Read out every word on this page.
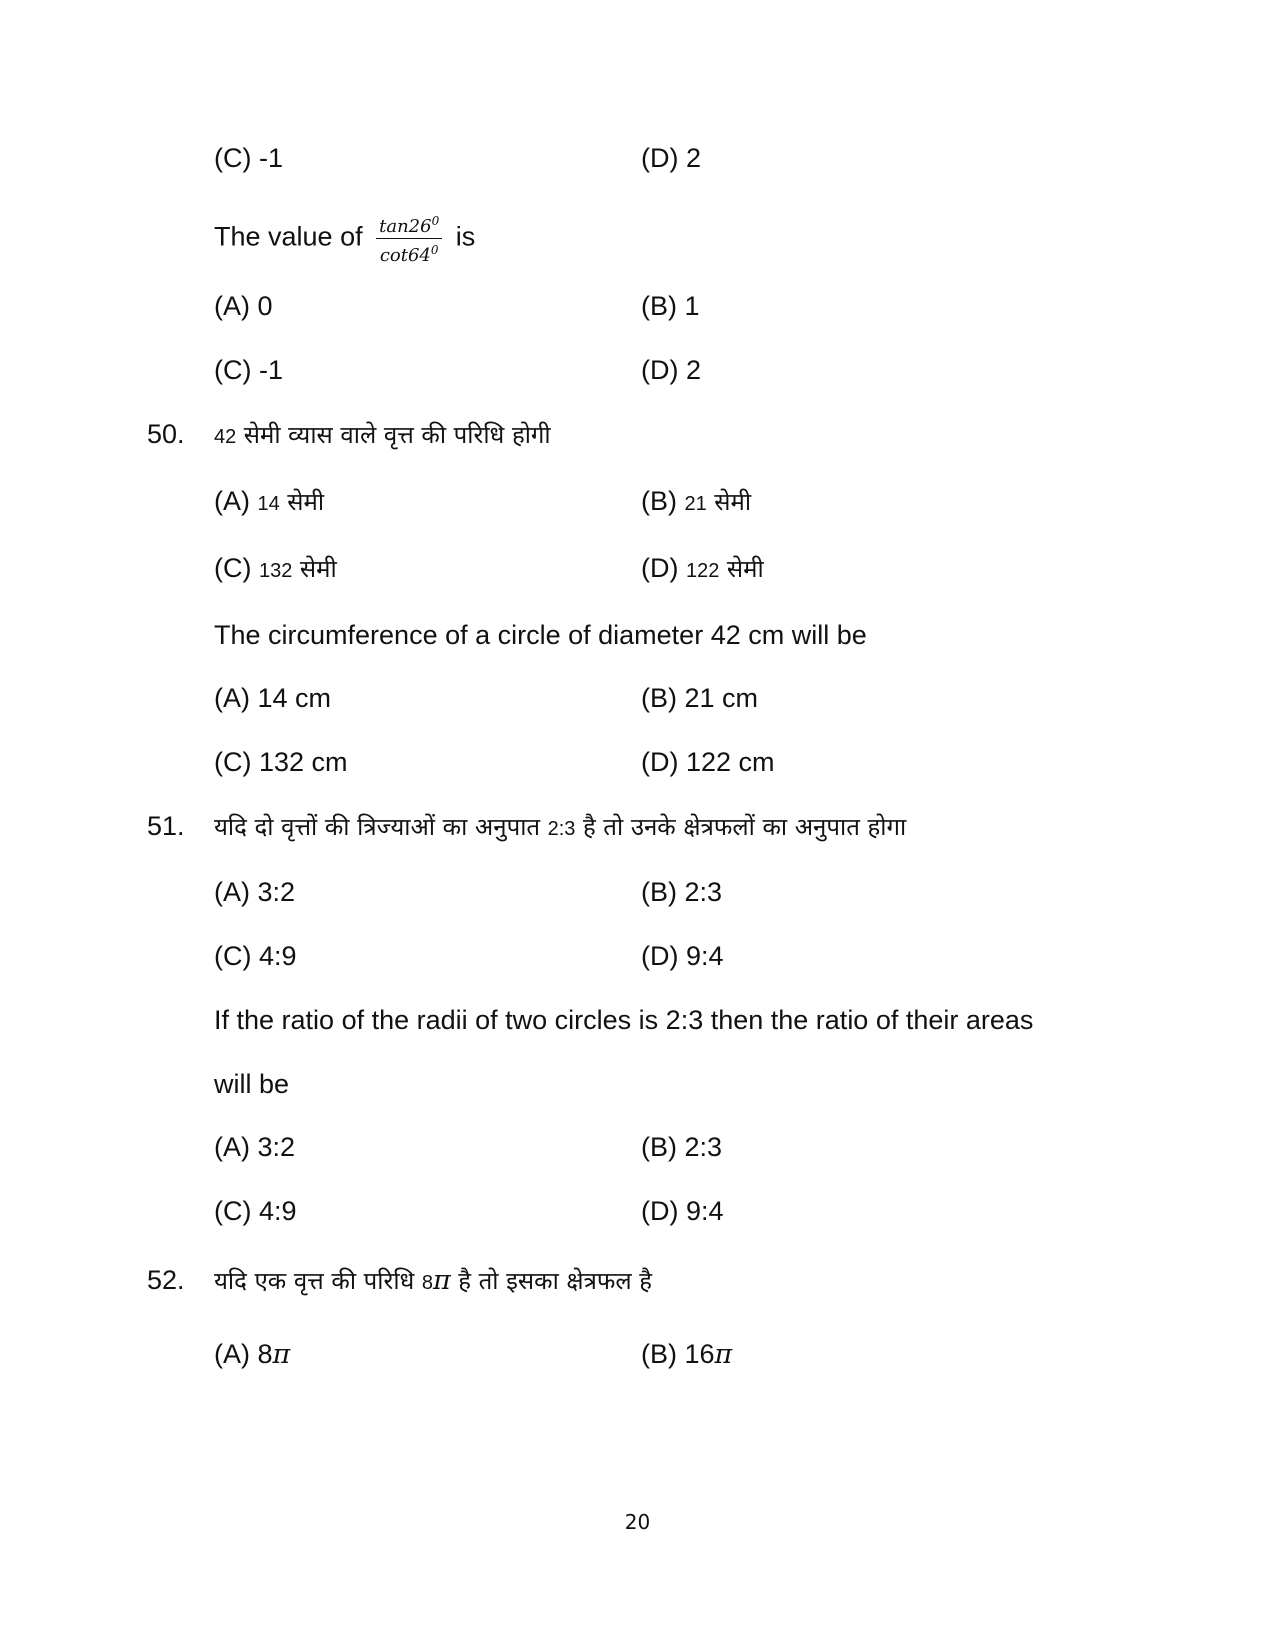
(C) -1	(D) 2
The value of $\frac{\tan 26^0}{\cot 64^0}$ is
(A) 0	(B) 1
(C) -1	(D) 2
50. 42 सेमी व्यास वाले वृत्त की परिधि होगी
(A) 14 सेमी	(B) 21 सेमी
(C) 132 सेमी	(D) 122 सेमी
The circumference of a circle of diameter 42 cm will be
(A) 14 cm	(B) 21 cm
(C) 132 cm	(D) 122 cm
51. यदि दो वृत्तों की त्रिज्याओं का अनुपात 2:3 है तो उनके क्षेत्रफलों का अनुपात होगा
(A) 3:2	(B) 2:3
(C) 4:9	(D) 9:4
If the ratio of the radii of two circles is 2:3 then the ratio of their areas
will be
(A) 3:2	(B) 2:3
(C) 4:9	(D) 9:4
52. यदि एक वृत्त की परिधि 8π है तो इसका क्षेत्रफल है
(A) 8π	(B) 16π
20
